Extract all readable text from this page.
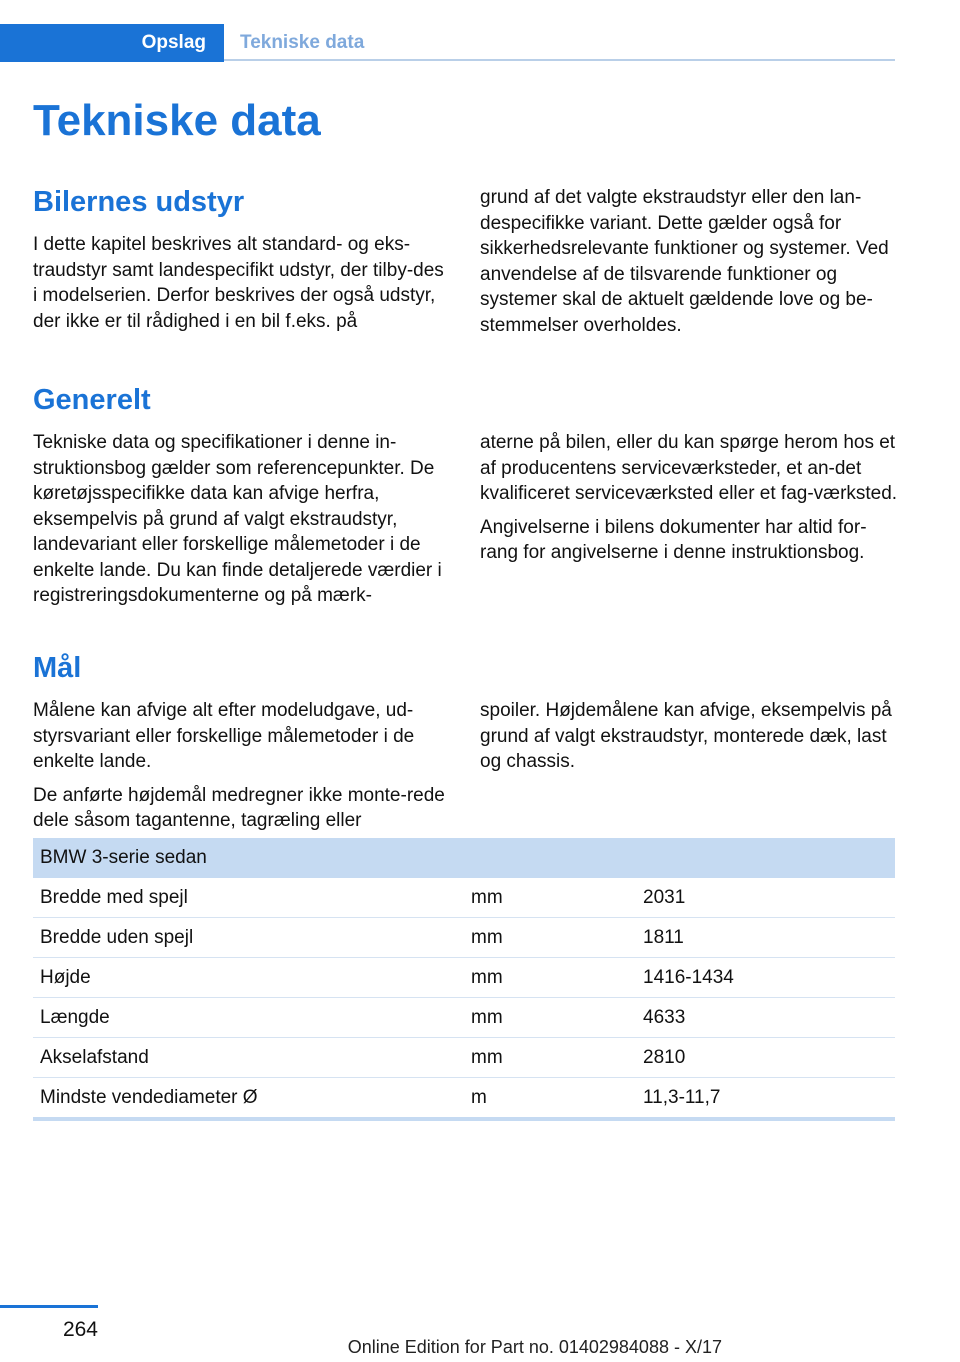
Opslag	Tekniske data
Tekniske data
Bilernes udstyr

I dette kapitel beskrives alt standard- og eks-traudstyr samt landespecifikt udstyr, der tilby-des i modelserien. Derfor beskrives der også udstyr, der ikke er til rådighed i en bil f.eks. på

grund af det valgte ekstraudstyr eller den lan-despecifikke variant. Dette gælder også for sikkerhedsrelevante funktioner og systemer. Ved anvendelse af de tilsvarende funktioner og systemer skal de aktuelt gældende love og be-stemmelser overholdes.

Generelt

Tekniske data og specifikationer i denne in-struktionsbog gælder som referencepunkter. De køretøjsspecifikke data kan afvige herfra, eksempelvis på grund af valgt ekstraudstyr, landevariant eller forskellige målemetoder i de enkelte lande. Du kan finde detaljerede værdier i registreringsdokumenterne og på mærk-

aterne på bilen, eller du kan spørge herom hos et af producentens serviceværksteder, et an-det kvalificeret serviceværksted eller et fag-værksted.

Angivelserne i bilens dokumenter har altid for-rang for angivelserne i denne instruktionsbog.

Mål

Målene kan afvige alt efter modeludgave, ud-styrsvariant eller forskellige målemetoder i de enkelte lande.

De anførte højdemål medregner ikke monte-rede dele såsom tagantenne, tagræling eller

spoiler. Højdemålene kan afvige, eksempelvis på grund af valgt ekstraudstyr, monterede dæk, last og chassis.

BMW 3-serie sedan		
Bredde med spejl	mm	2031
Bredde uden spejl	mm	1811
Højde	mm	1416-1434
Længde	mm	4633
Akselafstand	mm	2810
Mindste vendediameter Ø	m	11,3-11,7
264
Online Edition for Part no. 01402984088 - X/17
